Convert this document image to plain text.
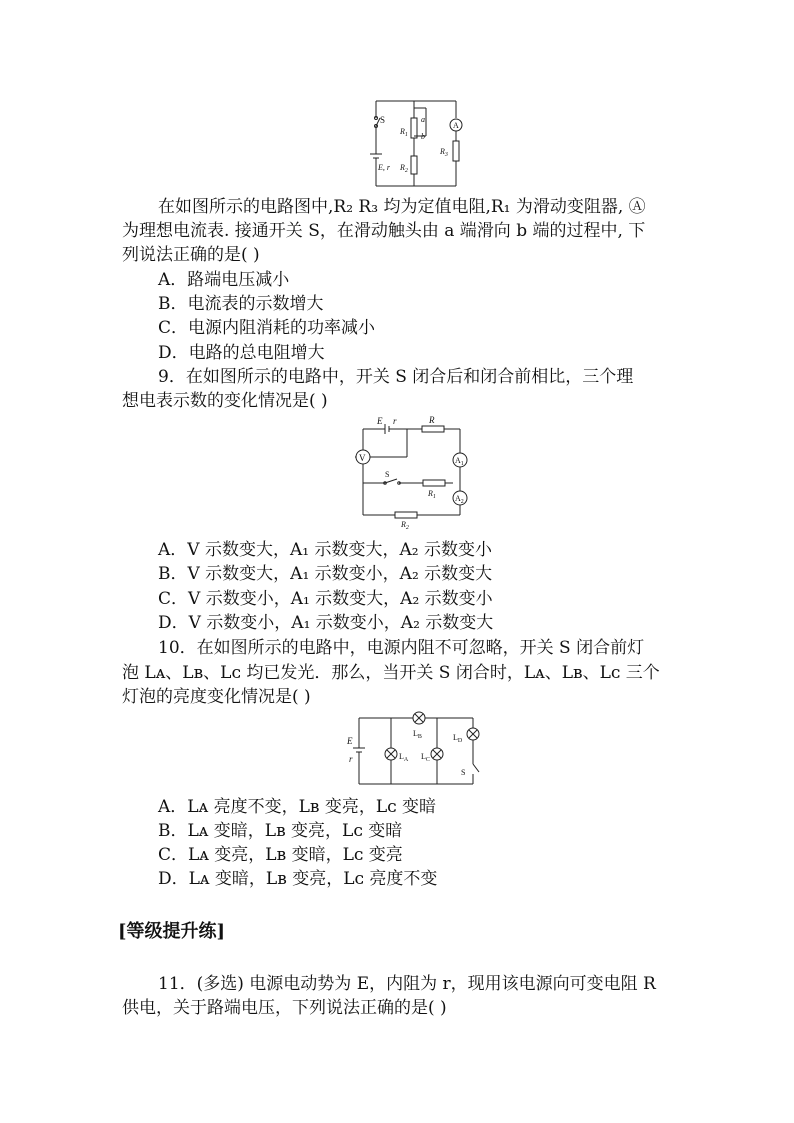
S
$R_1$
a
b
A
$R_3$
$R_2$
E, r
在如图所示的电路图中,R₂ R₃ 均为定值电阻,R₁ 为滑动变阻器, Ⓐ
为理想电流表. 接通开关 S，在滑动触头由 a 端滑向 b 端的过程中, 下
列说法正确的是( )
A．路端电压减小
B．电流表的示数增大
C．电源内阻消耗的功率减小
D．电路的总电阻增大
9．在如图所示的电路中，开关 S 闭合后和闭合前相比，三个理
想电表示数的变化情况是( )
E r	R
V	$A_1$
S
$R_1$ $A_2$
$R_2$
A．V 示数变大，A₁ 示数变大，A₂ 示数变小
B．V 示数变大，A₁ 示数变小，A₂ 示数变大
C．V 示数变小，A₁ 示数变大，A₂ 示数变小
D．V 示数变小，A₁ 示数变小，A₂ 示数变大
10．在如图所示的电路中，电源内阻不可忽略，开关 S 闭合前灯
泡 Lᴀ、Lʙ、Lᴄ 均已发光．那么，当开关 S 闭合时，Lᴀ、Lʙ、Lᴄ 三个
灯泡的亮度变化情况是( )
E
r	$L_A$
$L_B$
$L_C$
$L_D$
S
A．Lᴀ 亮度不变，Lʙ 变亮，Lᴄ 变暗
B．Lᴀ 变暗，Lʙ 变亮，Lᴄ 变暗
C．Lᴀ 变亮，Lʙ 变暗，Lᴄ 变亮
D．Lᴀ 变暗，Lʙ 变亮，Lᴄ 亮度不变
[等级提升练]
11．(多选) 电源电动势为 E，内阻为 r，现用该电源向可变电阻 R
供电，关于路端电压，下列说法正确的是( )
